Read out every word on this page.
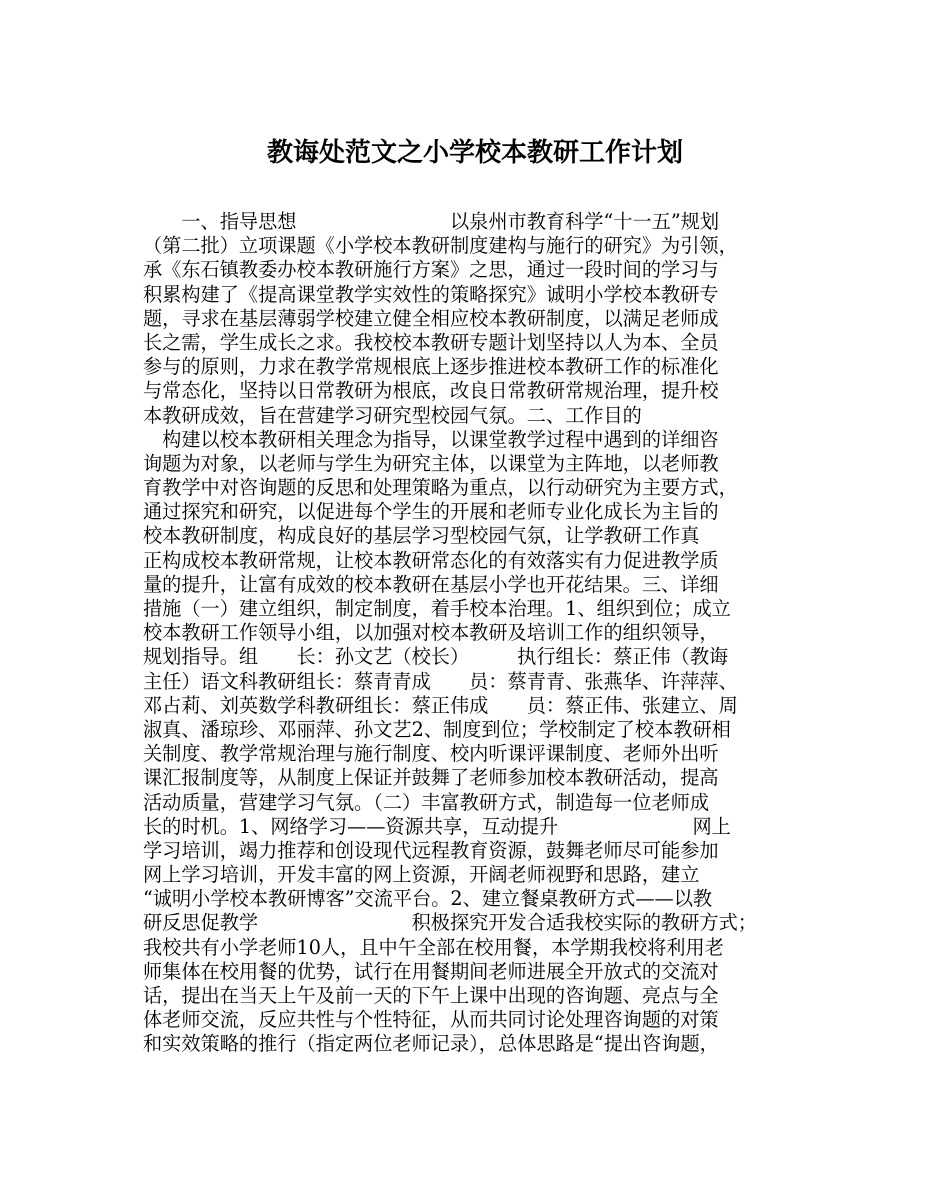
教诲处范文之小学校本教研工作计划
　　一、指导思想　　　　　　　　以泉州市教育科学“十一五”规划
（第二批）立项课题《小学校本教研制度建构与施行的研究》为引领，
承《东石镇教委办校本教研施行方案》之思，通过一段时间的学习与
积累构建了《提高课堂教学实效性的策略探究》诚明小学校本教研专
题，寻求在基层薄弱学校建立健全相应校本教研制度，以满足老师成
长之需，学生成长之求。我校校本教研专题计划坚持以人为本、全员
参与的原则，力求在教学常规根底上逐步推进校本教研工作的标准化
与常态化，坚持以日常教研为根底，改良日常教研常规治理，提升校
本教研成效，旨在营建学习研究型校园气氛。二、工作目的
　构建以校本教研相关理念为指导，以课堂教学过程中遇到的详细咨
询题为对象，以老师与学生为研究主体，以课堂为主阵地，以老师教
育教学中对咨询题的反思和处理策略为重点，以行动研究为主要方式，
通过探究和研究，以促进每个学生的开展和老师专业化成长为主旨的
校本教研制度，构成良好的基层学习型校园气氛，让学教研工作真
正构成校本教研常规，让校本教研常态化的有效落实有力促进教学质
量的提升，让富有成效的校本教研在基层小学也开花结果。三、详细
措施（一）建立组织，制定制度，着手校本治理。1、组织到位；成立
校本教研工作领导小组，以加强对校本教研及培训工作的组织领导，
规划指导。组　　长：孙文艺（校长）　　　执行组长：蔡正伟（教诲
主任）语文科教研组长：蔡青青成　　员：蔡青青、张燕华、许萍萍、
邓占莉、刘英数学科教研组长：蔡正伟成　　员：蔡正伟、张建立、周
淑真、潘琼珍、邓丽萍、孙文艺2、制度到位；学校制定了校本教研相
关制度、教学常规治理与施行制度、校内听课评课制度、老师外出听
课汇报制度等，从制度上保证并鼓舞了老师参加校本教研活动，提高
活动质量，营建学习气氛。（二）丰富教研方式，制造每一位老师成
长的时机。1、网络学习——资源共享，互动提升　　　　　　　网上
学习培训，竭力推荐和创设现代远程教育资源，鼓舞老师尽可能参加
网上学习培训，开发丰富的网上资源，开阔老师视野和思路，建立
“诚明小学校本教研博客”交流平台。2、建立餐桌教研方式——以教
研反思促教学　　　　　　　　积极探究开发合适我校实际的教研方式；
我校共有小学老师10人，且中午全部在校用餐，本学期我校将利用老
师集体在校用餐的优势，试行在用餐期间老师进展全开放式的交流对
话，提出在当天上午及前一天的下午上课中出现的咨询题、亮点与全
体老师交流，反应共性与个性特征，从而共同讨论处理咨询题的对策
和实效策略的推行（指定两位老师记录），总体思路是“提出咨询题，
